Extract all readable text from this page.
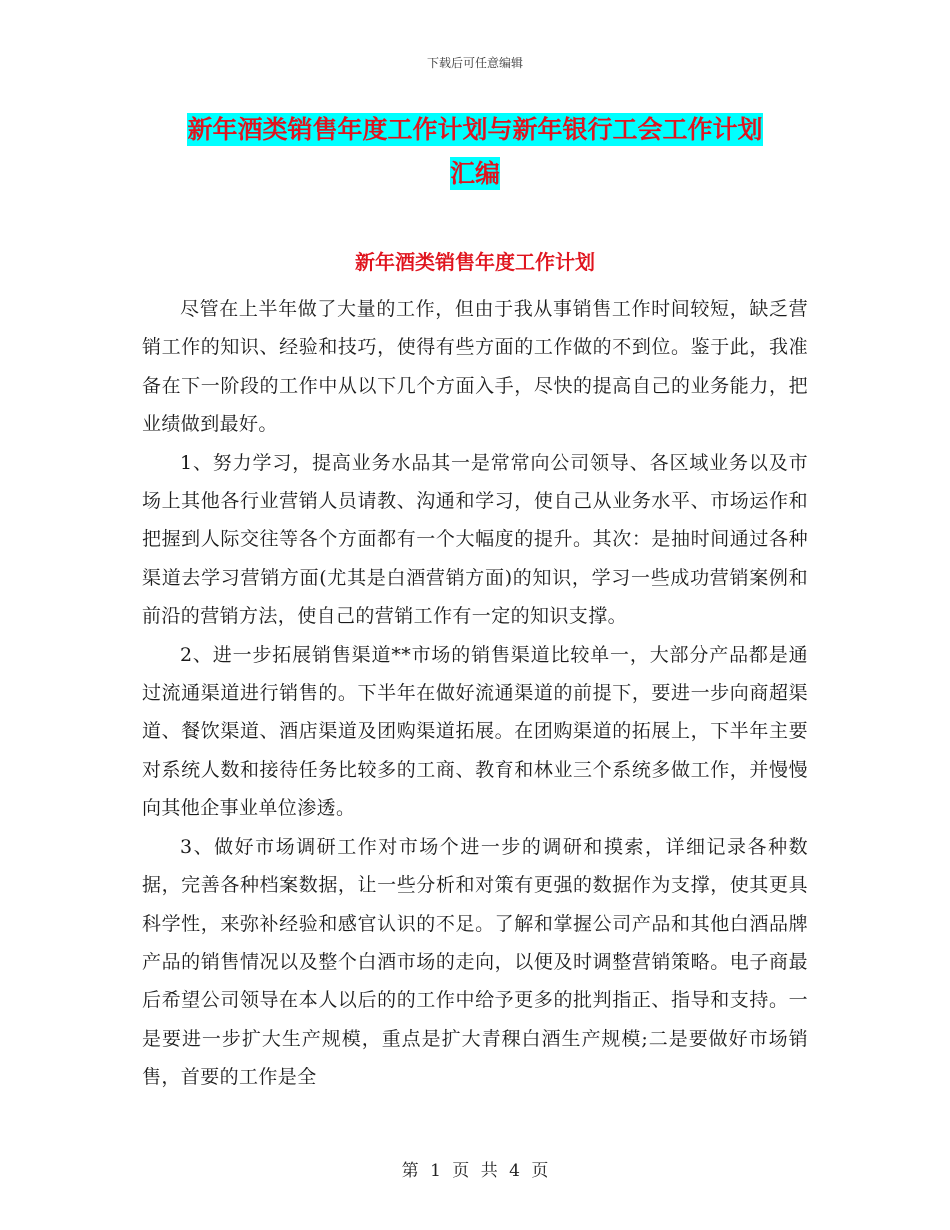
下载后可任意编辑
新年酒类销售年度工作计划与新年银行工会工作计划
汇编
新年酒类销售年度工作计划

尽管在上半年做了大量的工作，但由于我从事销售工作时间较短，缺乏营销工作的知识、经验和技巧，使得有些方面的工作做的不到位。鉴于此，我准备在下一阶段的工作中从以下几个方面入手，尽快的提高自己的业务能力，把业绩做到最好。

1、努力学习，提高业务水品其一是常常向公司领导、各区域业务以及市场上其他各行业营销人员请教、沟通和学习，使自己从业务水平、市场运作和把握到人际交往等各个方面都有一个大幅度的提升。其次：是抽时间通过各种渠道去学习营销方面(尤其是白酒营销方面)的知识，学习一些成功营销案例和前沿的营销方法，使自己的营销工作有一定的知识支撑。

2、进一步拓展销售渠道**市场的销售渠道比较单一，大部分产品都是通过流通渠道进行销售的。下半年在做好流通渠道的前提下，要进一步向商超渠道、餐饮渠道、酒店渠道及团购渠道拓展。在团购渠道的拓展上，下半年主要对系统人数和接待任务比较多的工商、教育和林业三个系统多做工作，并慢慢向其他企事业单位渗透。

3、做好市场调研工作对市场个进一步的调研和摸索，详细记录各种数据，完善各种档案数据，让一些分析和对策有更强的数据作为支撑，使其更具科学性，来弥补经验和感官认识的不足。了解和掌握公司产品和其他白酒品牌产品的销售情况以及整个白酒市场的走向，以便及时调整营销策略。电子商最后希望公司领导在本人以后的的工作中给予更多的批判指正、指导和支持。一是要进一步扩大生产规模，重点是扩大青稞白酒生产规模;二是要做好市场销售，首要的工作是全

第 1 页 共 4 页
